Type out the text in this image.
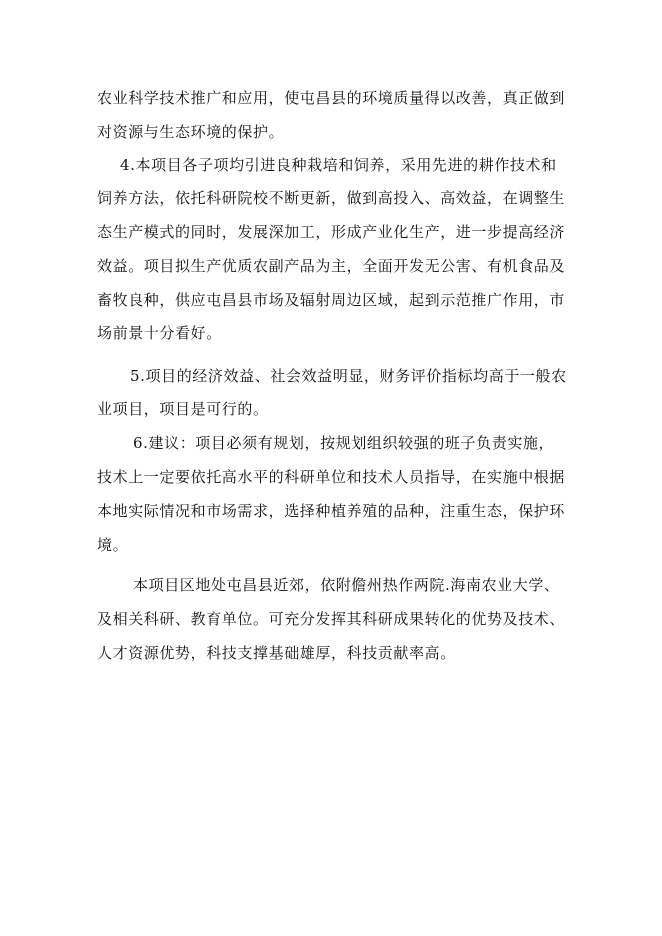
农业科学技术推广和应用，使屯昌县的环境质量得以改善，真正做到
对资源与生态环境的保护。
4.本项目各子项均引进良种栽培和饲养，采用先进的耕作技术和
饲养方法，依托科研院校不断更新，做到高投入、高效益，在调整生
态生产模式的同时，发展深加工，形成产业化生产，进一步提高经济
效益。项目拟生产优质农副产品为主，全面开发无公害、有机食品及
畜牧良种，供应屯昌县市场及辐射周边区域，起到示范推广作用，市
场前景十分看好。
5.项目的经济效益、社会效益明显，财务评价指标均高于一般农
业项目，项目是可行的。
6.建议：项目必须有规划，按规划组织较强的班子负责实施，
技术上一定要依托高水平的科研单位和技术人员指导，在实施中根据
本地实际情况和市场需求，选择种植养殖的品种，注重生态，保护环
境。
本项目区地处屯昌县近郊，依附儋州热作两院.海南农业大学、
及相关科研、教育单位。可充分发挥其科研成果转化的优势及技术、
人才资源优势，科技支撑基础雄厚，科技贡献率高。
